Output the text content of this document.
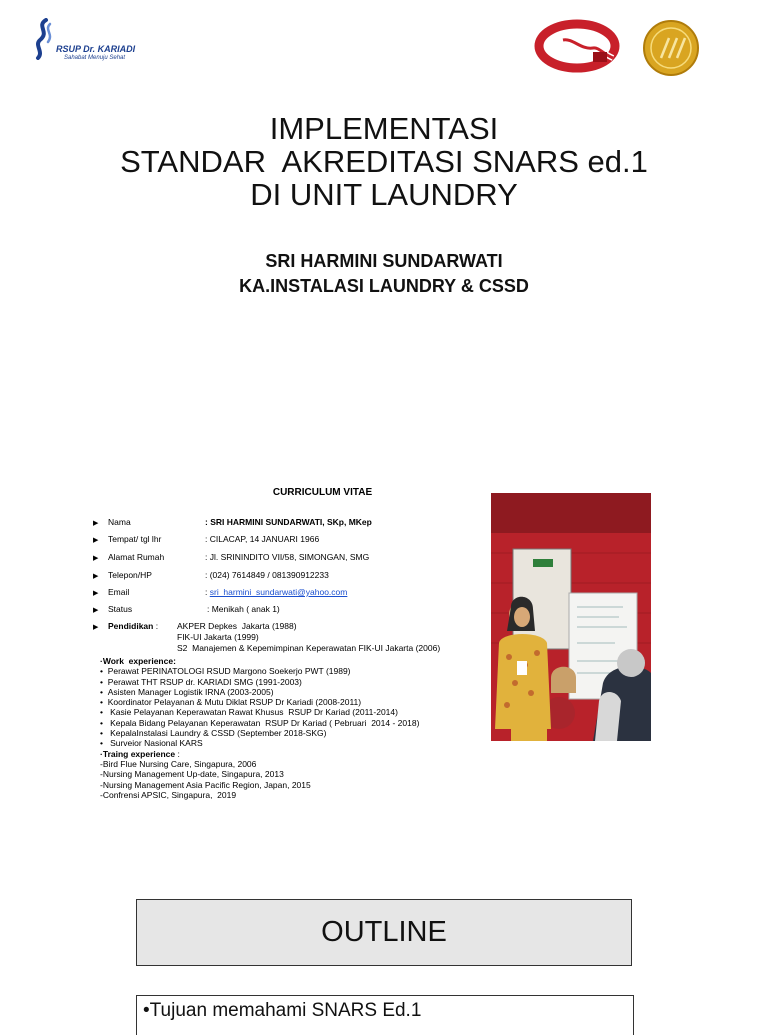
RSUP Dr. KARIADI
Sahabat Menuju Sehat
IMPLEMENTASI
STANDAR  AKREDITASI SNARS ed.1
DI UNIT LAUNDRY
SRI HARMINI SUNDARWATI
KA.INSTALASI LAUNDRY & CSSD
CURRICULUM VITAE
▶ Nama	: SRI HARMINI SUNDARWATI, SKp, MKep
▶ Tempat/ tgl lhr	: CILACAP, 14 JANUARI 1966
▶ Alamat Rumah	: Jl. SRININDITO VII/58, SIMONGAN, SMG
▶ Telepon/HP	: (024) 7614849 / 081390912233
▶ Email	: sri_harmini_sundarwati@yahoo.com
▶ Status	: Menikah ( anak 1)
▶ Pendidikan : AKPER Depkes  Jakarta (1988)
FIK-UI Jakarta (1999)
S2  Manajemen & Kepemimpinan Keperawatan FIK-UI Jakarta (2006)
· Work  experience:
•  Perawat PERINATOLOGI RSUD Margono Soekerjo PWT (1989)
•  Perawat THT RSUP dr. KARIADI SMG (1991-2003)
•  Asisten Manager Logistik IRNA (2003-2005)
•  Koordinator Pelayanan & Mutu Diklat RSUP Dr Kariadi (2008-2011)
•   Kasie Pelayanan Keperawatan Rawat Khusus  RSUP Dr Kariad (2011-2014)
•   Kepala Bidang Pelayanan Keperawatan  RSUP Dr Kariad ( Pebruari  2014 - 2018)
•   KepalaInstalasi Laundry & CSSD (September 2018-SKG)
•   Surveior Nasional KARS
· Traing experience :
-Bird Flue Nursing Care, Singapura, 2006
-Nursing Management Up-date, Singapura, 2013
-Nursing Management Asia Pacific Region, Japan, 2015
-Confrensi APSIC, Singapura,  2019
OUTLINE
• Tujuan memahami SNARS Ed.1
